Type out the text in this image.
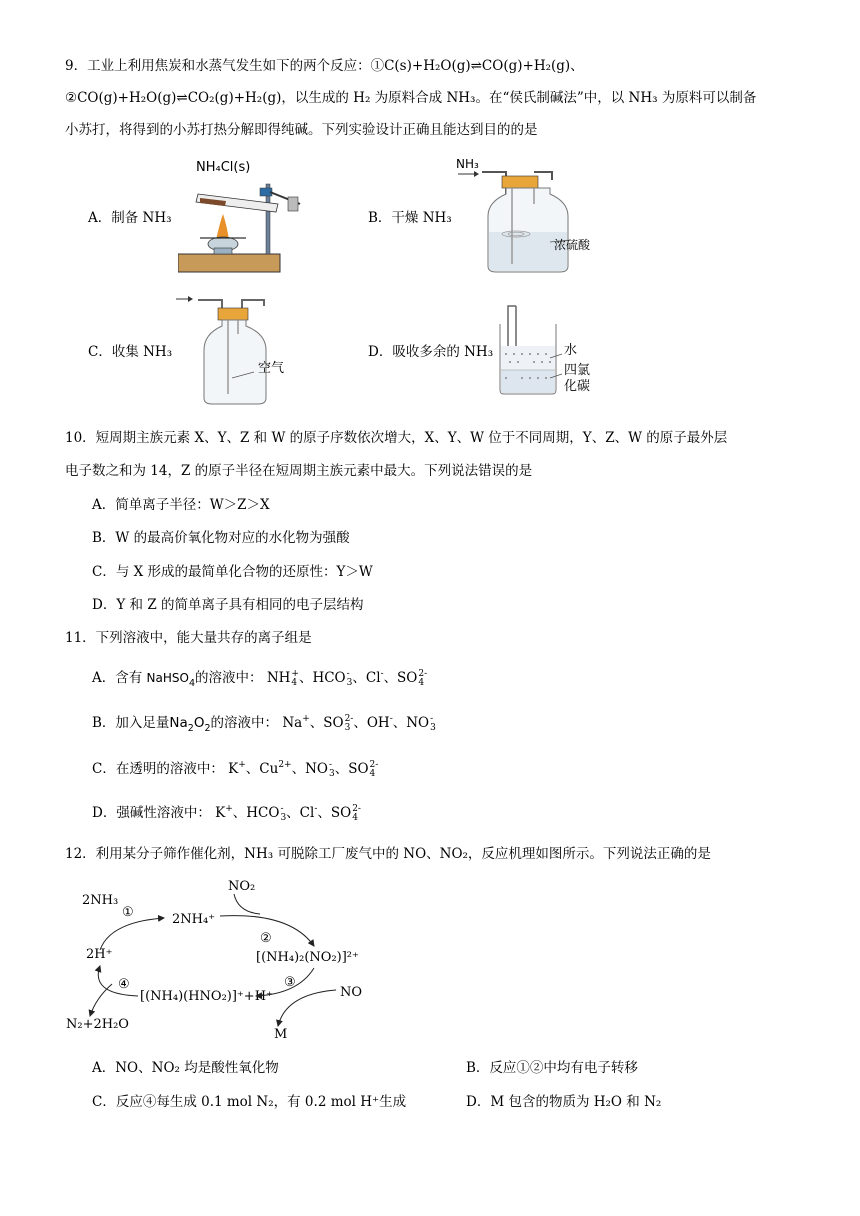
9．工业上利用焦炭和水蒸气发生如下的两个反应：①C(s)+H₂O(g)⇌CO(g)+H₂(g)、
②CO(g)+H₂O(g)⇌CO₂(g)+H₂(g)，以生成的 H₂ 为原料合成 NH₃。在“侯氏制碱法”中，以 NH₃ 为原料可以制备
小苏打，将得到的小苏打热分解即得纯碱。下列实验设计正确且能达到目的的是
A．制备 NH₃	B．干燥 NH₃
C．收集 NH₃	D．吸收多余的 NH₃
NH₄Cl(s)	NH₃
浓硫酸
空气
水
四氯
化碳
10．短周期主族元素 X、Y、Z 和 W 的原子序数依次增大，X、Y、W 位于不同周期，Y、Z、W 的原子最外层
电子数之和为 14，Z 的原子半径在短周期主族元素中最大。下列说法错误的是
A．简单离子半径：W＞Z＞X
B．W 的最高价氧化物对应的水化物为强酸
C．与 X 形成的最简单化合物的还原性：Y＞W
D．Y 和 Z 的简单离子具有相同的电子层结构
11．下列溶液中，能大量共存的离子组是
A．含有 NaHSO$_4$的溶液中： NH +
4 、HCO -
3 、Cl-、SO 2-
4
B．加入足量$Na_2O_2$的溶液中： Na+、SO 2-
3 、OH-、NO -
3
C．在透明的溶液中： K+、$Cu^{2+}$、NO -
3 、SO 2-
4
D．强碱性溶液中： K+、HCO -
3 、Cl-、SO 2-
4
12．利用某分子筛作催化剂，NH₃ 可脱除工厂废气中的 NO、NO₂，反应机理如图所示。下列说法正确的是
2NH₃
2NH₄⁺
NO₂
[(NH₄)₂(NO₂)]²⁺
NO
[(NH₄)(HNO₂)]⁺+H⁺
M
2H⁺
N₂+2H₂O
①
②
③
④
A．NO、NO₂ 均是酸性氧化物	B．反应①②中均有电子转移
C．反应④每生成 0.1 mol N₂，有 0.2 mol H⁺生成	D．M 包含的物质为 H₂O 和 N₂
